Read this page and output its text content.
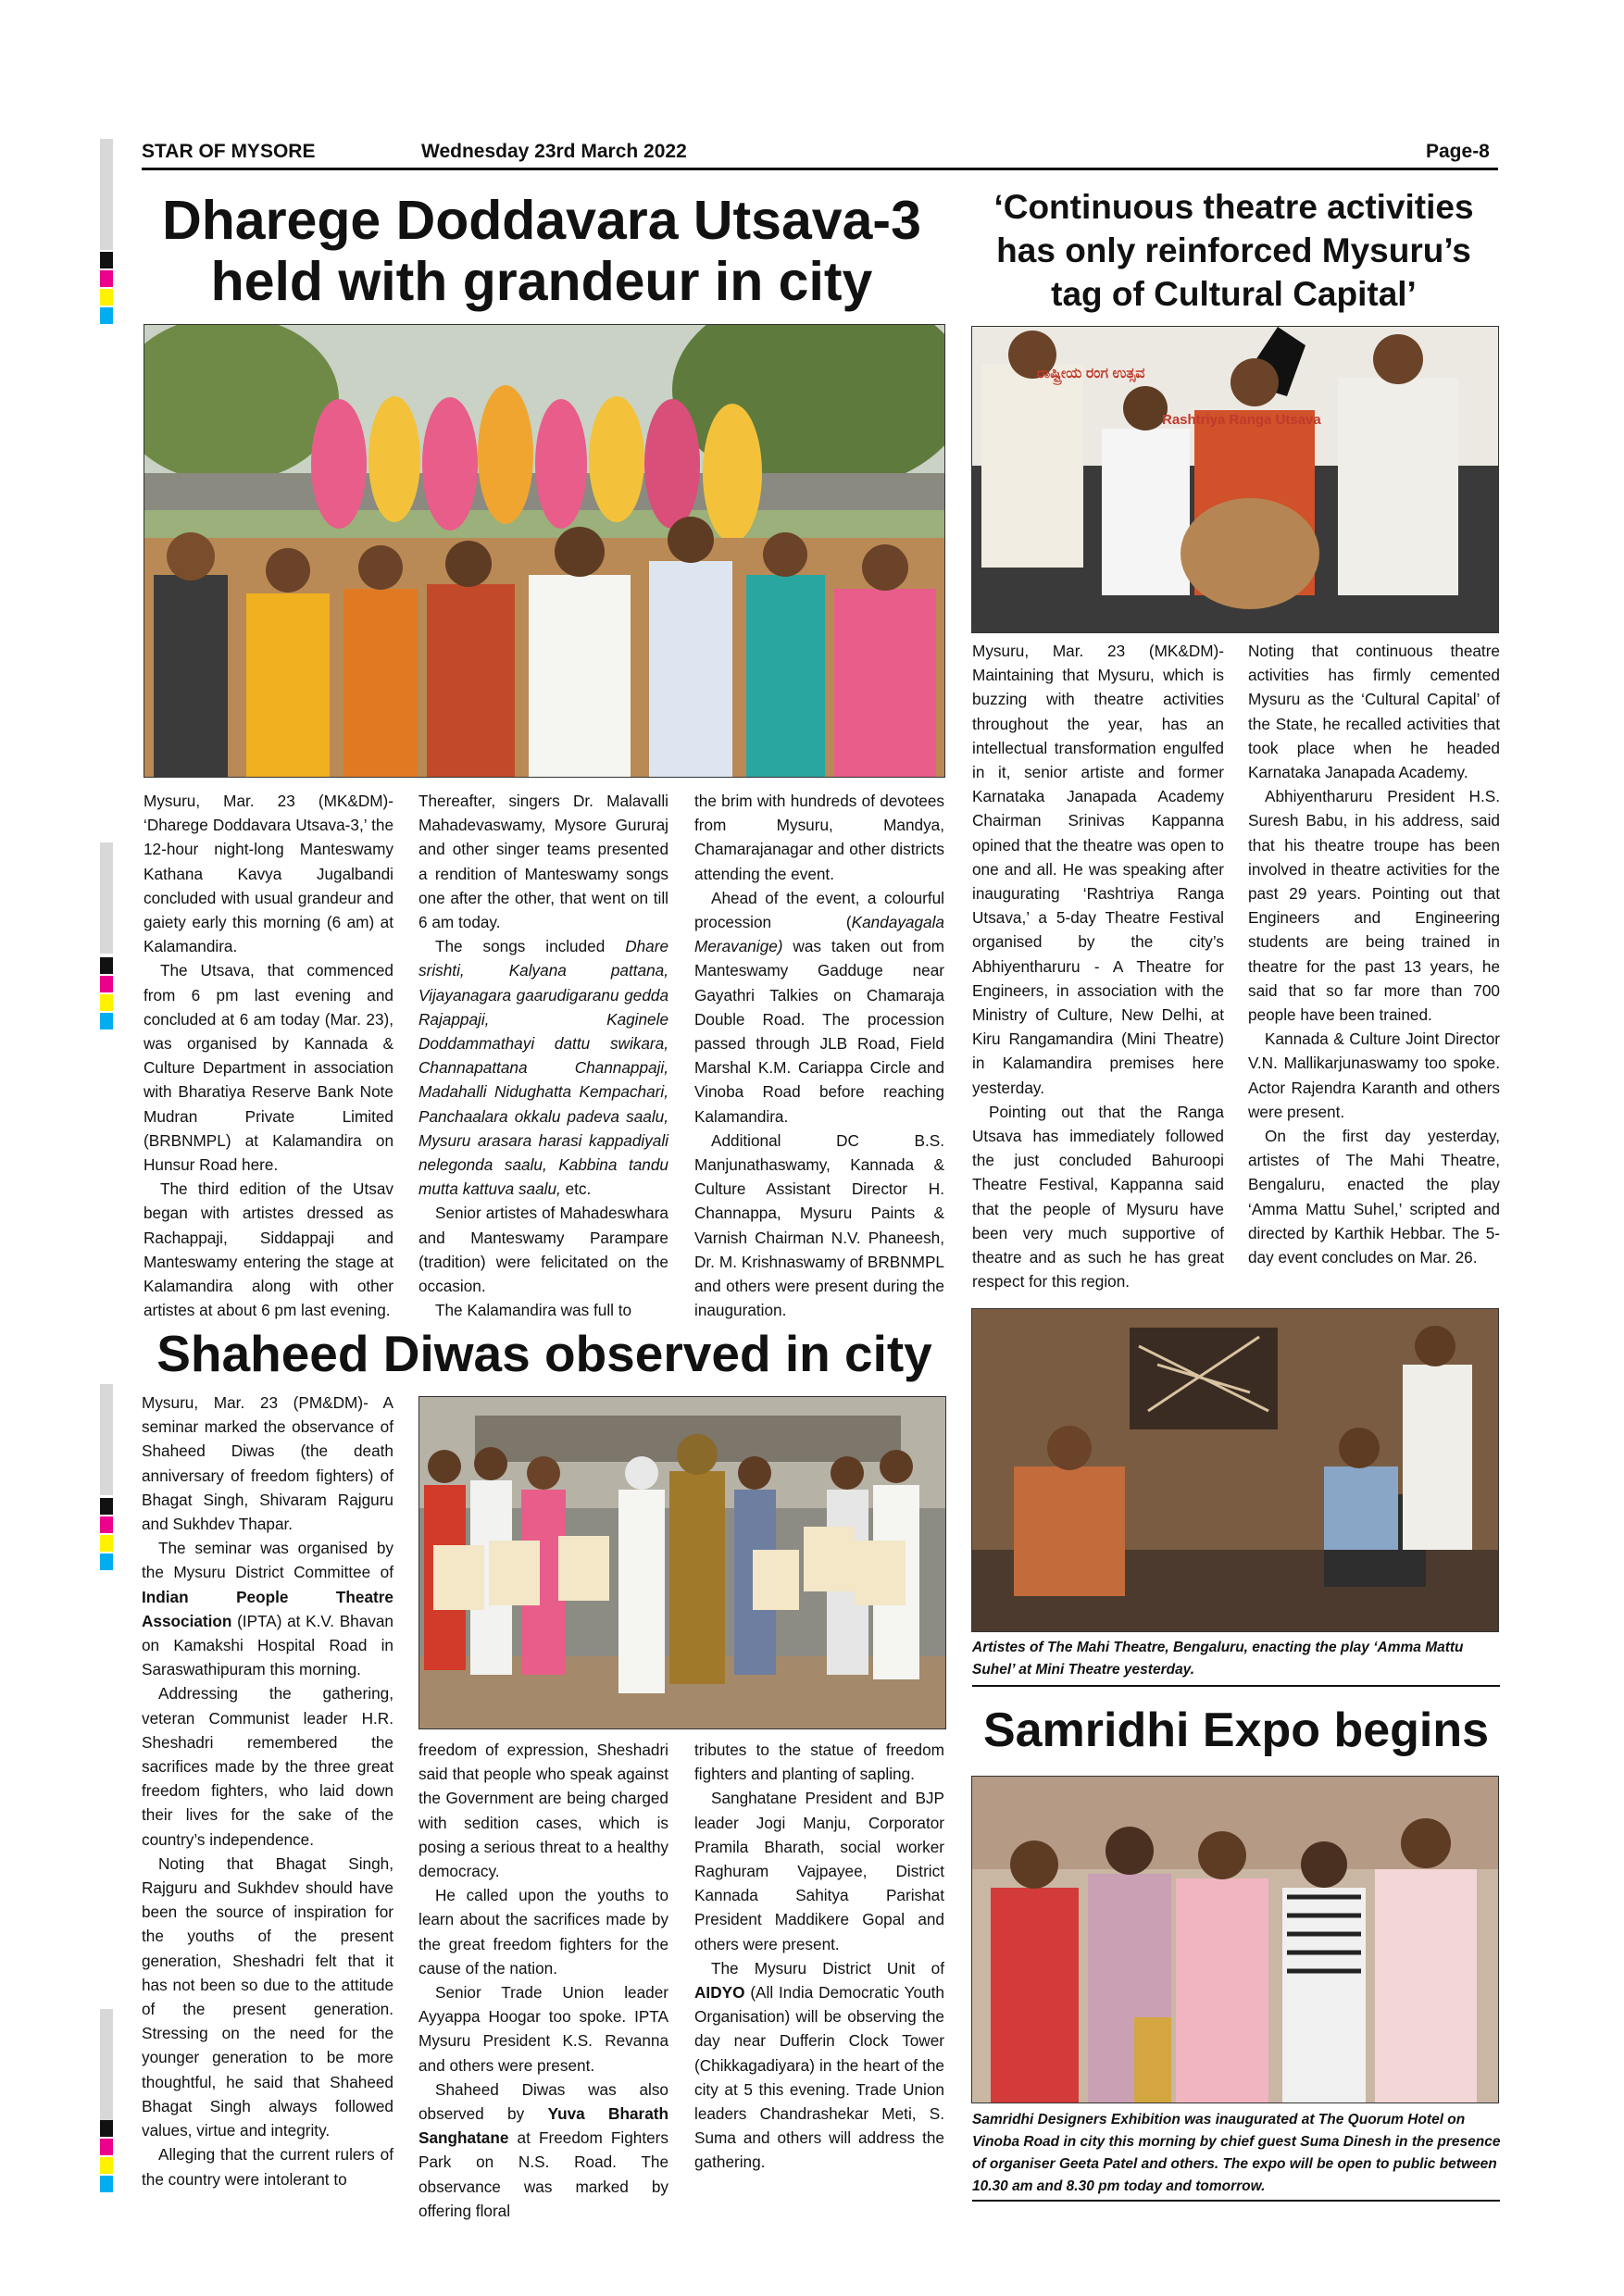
STAR OF MYSORE	Wednesday 23rd March 2022	Page-8
Dharege Doddavara Utsava-3 held with grandeur in city

Mysuru, Mar. 23 (MK&DM)- ‘Dharege Doddavara Utsava-3,’ the 12-hour night-long Manteswamy Kathana Kavya Jugalbandi concluded with usual grandeur and gaiety early this morning (6 am) at Kalamandira.

The Utsava, that commenced from 6 pm last evening and concluded at 6 am today (Mar. 23), was organised by Kannada & Culture Department in association with Bharatiya Reserve Bank Note Mudran Private Limited (BRBNMPL) at Kalamandira on Hunsur Road here.

The third edition of the Utsav began with artistes dressed as Rachappaji, Siddappaji and Manteswamy entering the stage at Kalamandira along with other artistes at about 6 pm last evening.

Thereafter, singers Dr. Malavalli Mahadevaswamy, Mysore Gururaj and other singer teams presented a rendition of Manteswamy songs one after the other, that went on till 6 am today.

The songs included Dhare srishti, Kalyana pattana, Vijayanagara gaarudigaranu gedda Rajappaji, Kaginele Doddammathayi dattu swikara, Channapattana Channappaji, Madahalli Nidughatta Kempachari, Panchaalara okkalu padeva saalu, Mysuru arasara harasi kappadiyali nelegonda saalu, Kabbina tandu mutta kattuva saalu, etc.

Senior artistes of Mahadeswhara and Manteswamy Parampare (tradition) were felicitated on the occasion.

The Kalamandira was full to

the brim with hundreds of devotees from Mysuru, Mandya, Chamarajanagar and other districts attending the event.

Ahead of the event, a colourful procession (Kandayagala Meravanige) was taken out from Manteswamy Gadduge near Gayathri Talkies on Chamaraja Double Road. The procession passed through JLB Road, Field Marshal K.M. Cariappa Circle and Vinoba Road before reaching Kalamandira.

Additional DC B.S. Manjunathaswamy, Kannada & Culture Assistant Director H. Channappa, Mysuru Paints & Varnish Chairman N.V. Phaneesh, Dr. M. Krishnaswamy of BRBNMPL and others were present during the inauguration.

‘Continuous theatre activities has only reinforced Mysuru’s tag of Cultural Capital’
ರಾಷ್ಟ್ರೀಯ ರಂಗ ಉತ್ಸವ
Rashtriya Ranga Utsava

Mysuru, Mar. 23 (MK&DM)- Maintaining that Mysuru, which is buzzing with theatre activities throughout the year, has an intellectual transformation engulfed in it, senior artiste and former Karnataka Janapada Academy Chairman Srinivas Kappanna opined that the theatre was open to one and all. He was speaking after inaugurating ‘Rashtriya Ranga Utsava,’ a 5-day Theatre Festival organised by the city’s Abhiyentharuru - A Theatre for Engineers, in association with the Ministry of Culture, New Delhi, at Kiru Rangamandira (Mini Theatre) in Kalamandira premises here yesterday.

Pointing out that the Ranga Utsava has immediately followed the just concluded Bahuroopi Theatre Festival, Kappanna said that the people of Mysuru have been very much supportive of theatre and as such he has great respect for this region.

Noting that continuous theatre activities has firmly cemented Mysuru as the ‘Cultural Capital’ of the State, he recalled activities that took place when he headed Karnataka Janapada Academy.

Abhiyentharuru President H.S. Suresh Babu, in his address, said that his theatre troupe has been involved in theatre activities for the past 29 years. Pointing out that Engineers and Engineering students are being trained in theatre for the past 13 years, he said that so far more than 700 people have been trained.

Kannada & Culture Joint Director V.N. Mallikarjunaswamy too spoke. Actor Rajendra Karanth and others were present.

On the first day yesterday, artistes of The Mahi Theatre, Bengaluru, enacted the play ‘Amma Mattu Suhel,’ scripted and directed by Karthik Hebbar. The 5-day event concludes on Mar. 26.

Artistes of The Mahi Theatre, Bengaluru, enacting the play ‘Amma Mattu Suhel’ at Mini Theatre yesterday.
Shaheed Diwas observed in city

Mysuru, Mar. 23 (PM&DM)- A seminar marked the observance of Shaheed Diwas (the death anniversary of freedom fighters) of Bhagat Singh, Shivaram Rajguru and Sukhdev Thapar.

The seminar was organised by the Mysuru District Committee of Indian People Theatre Association (IPTA) at K.V. Bhavan on Kamakshi Hospital Road in Saraswathipuram this morning.

Addressing the gathering, veteran Communist leader H.R. Sheshadri remembered the sacrifices made by the three great freedom fighters, who laid down their lives for the sake of the country’s independence.

Noting that Bhagat Singh, Rajguru and Sukhdev should have been the source of inspiration for the youths of the present generation, Sheshadri felt that it has not been so due to the attitude of the present generation. Stressing on the need for the younger generation to be more thoughtful, he said that Shaheed Bhagat Singh always followed values, virtue and integrity.

Alleging that the current rulers of the country were intolerant to

freedom of expression, Sheshadri said that people who speak against the Government are being charged with sedition cases, which is posing a serious threat to a healthy democracy.

He called upon the youths to learn about the sacrifices made by the great freedom fighters for the cause of the nation.

Senior Trade Union leader Ayyappa Hoogar too spoke. IPTA Mysuru President K.S. Revanna and others were present.

Shaheed Diwas was also observed by Yuva Bharath Sanghatane at Freedom Fighters Park on N.S. Road. The observance was marked by offering floral

tributes to the statue of freedom fighters and planting of sapling.

Sanghatane President and BJP leader Jogi Manju, Corporator Pramila Bharath, social worker Raghuram Vajpayee, District Kannada Sahitya Parishat President Maddikere Gopal and others were present.

The Mysuru District Unit of AIDYO (All India Democratic Youth Organisation) will be observing the day near Dufferin Clock Tower (Chikkagadiyara) in the heart of the city at 5 this evening. Trade Union leaders Chandrashekar Meti, S. Suma and others will address the gathering.

Samridhi Expo begins
Samridhi Designers Exhibition was inaugurated at The Quorum Hotel on Vinoba Road in city this morning by chief guest Suma Dinesh in the presence of organiser Geeta Patel and others. The expo will be open to public between 10.30 am and 8.30 pm today and tomorrow.
